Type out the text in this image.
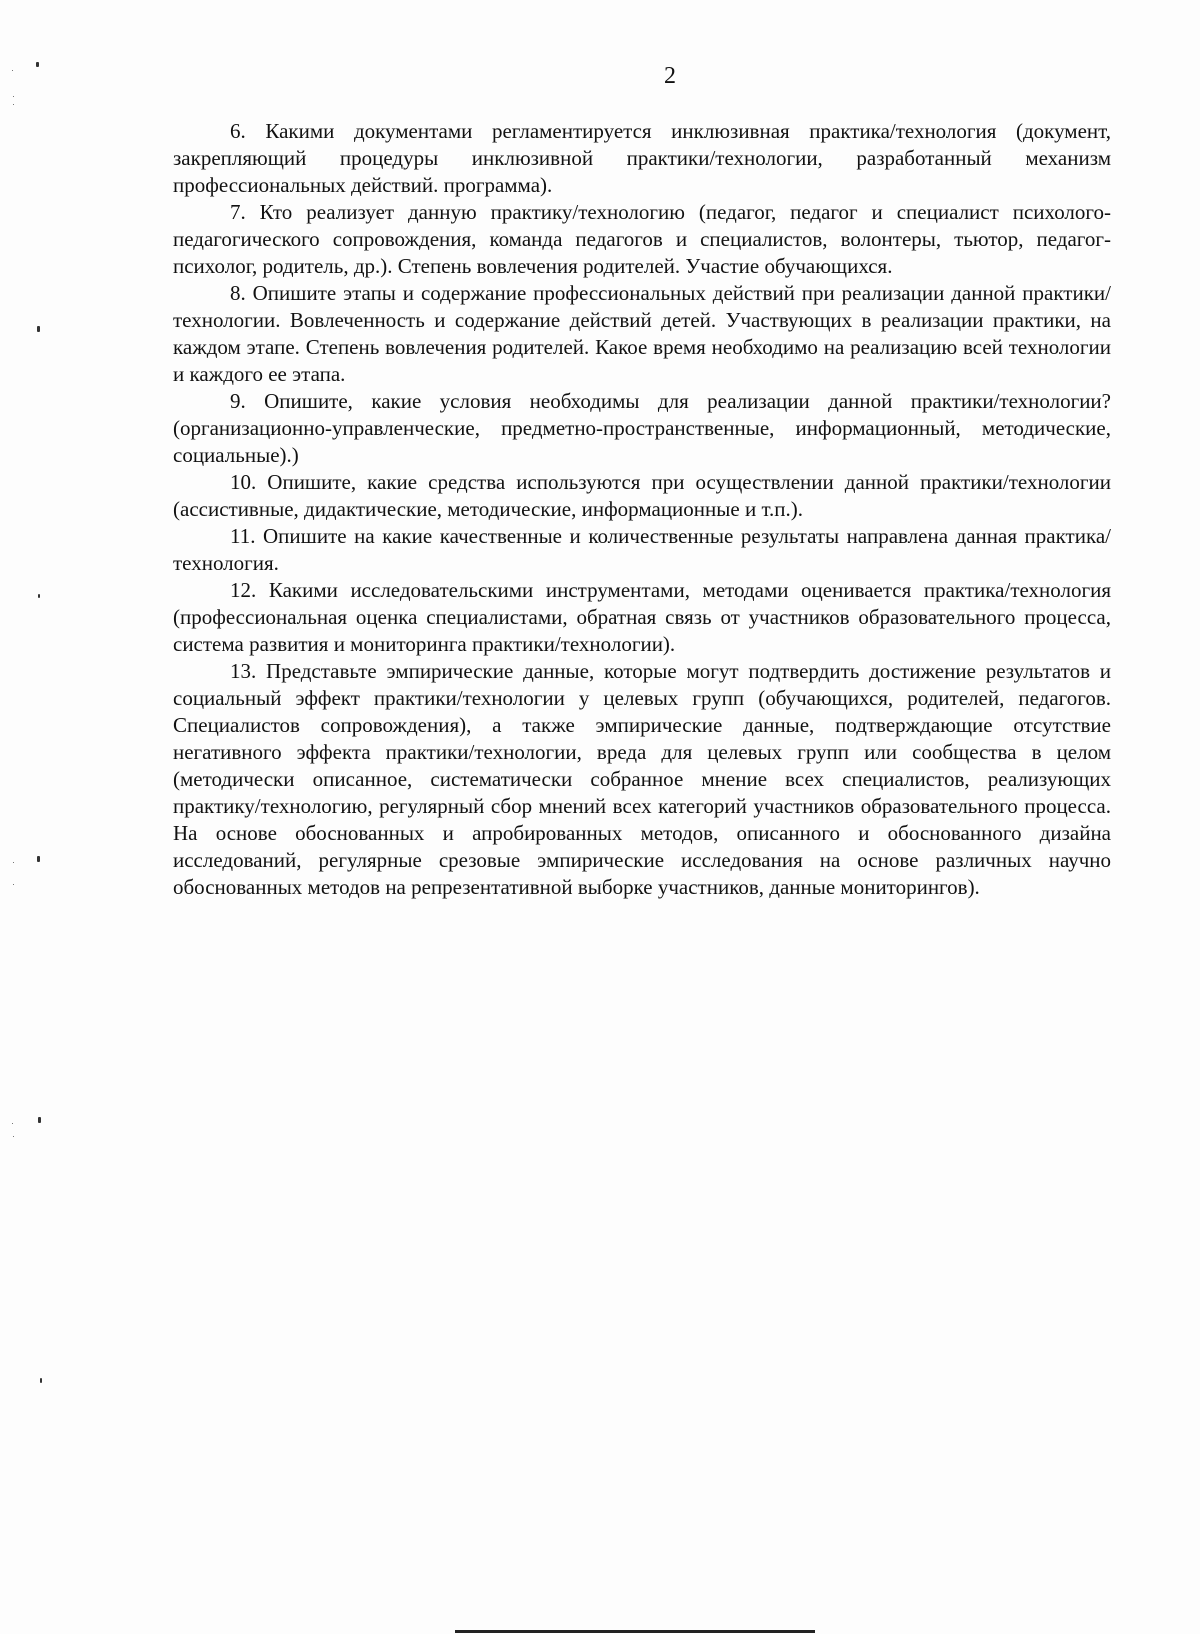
2

6. Какими документами регламентируется инклюзивная практика/технология (документ, закрепляющий процедуры инклюзивной практики/технологии, разработанный механизм профессиональных действий. программа).

7. Кто реализует данную практику/технологию (педагог, педагог и специалист психолого-педагогического сопровождения, команда педагогов и специалистов, волонтеры, тьютор, педагог-психолог, родитель, др.). Степень вовлечения родителей. Участие обучающихся.

8. Опишите этапы и содержание профессиональных действий при реализации данной практики/технологии. Вовлеченность и содержание действий детей. Участвующих в реализации практики, на каждом этапе. Степень вовлечения родителей. Какое время необходимо на реализацию всей технологии и каждого ее этапа.

9. Опишите, какие условия необходимы для реализации данной практики/технологии? (организационно-управленческие, предметно-пространственные, информационный, методические, социальные).)

10. Опишите, какие средства используются при осуществлении данной практики/технологии (ассистивные, дидактические, методические, информационные и т.п.).

11. Опишите на какие качественные и количественные результаты направлена данная практика/технология.

12. Какими исследовательскими инструментами, методами оценивается практика/технология (профессиональная оценка специалистами, обратная связь от участников образовательного процесса, система развития и мониторинга практики/технологии).

13. Представьте эмпирические данные, которые могут подтвердить достижение результатов и социальный эффект практики/технологии у целевых групп (обучающихся, родителей, педагогов. Специалистов сопровождения), а также эмпирические данные, подтверждающие отсутствие негативного эффекта практики/технологии, вреда для целевых групп или сообщества в целом (методически описанное, систематически собранное мнение всех специалистов, реализующих практику/технологию, регулярный сбор мнений всех категорий участников образовательного процесса. На основе обоснованных и апробированных методов, описанного и обоснованного дизайна исследований, регулярные срезовые эмпирические исследования на основе различных научно обоснованных методов на репрезентативной выборке участников, данные мониторингов).
